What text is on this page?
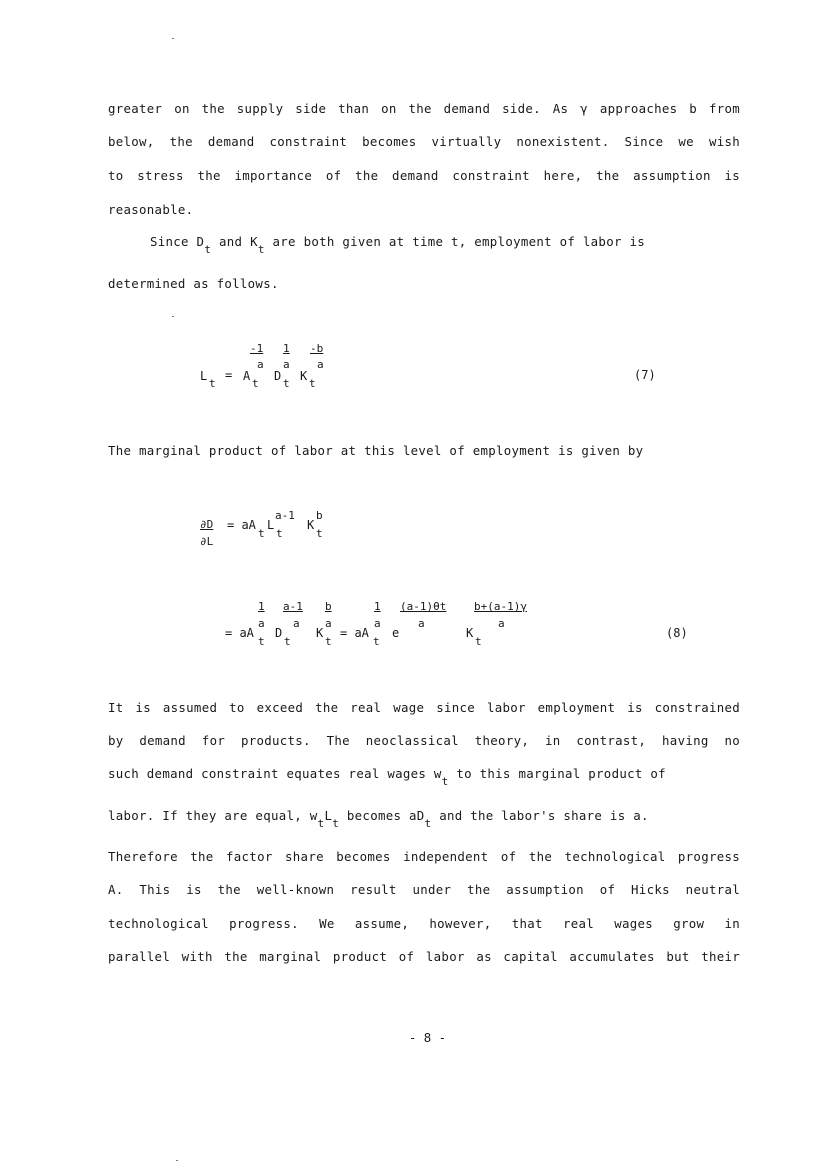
greater on the supply side than on the demand side. As γ approaches b from
below, the demand constraint becomes virtually nonexistent. Since we wish
to stress the importance of the demand constraint here, the assumption is
reasonable.
Since $D_t$ and $K_t$ are both given at time t, employment of labor is
determined as follows.
-1
a
1
a
-b
a
L
t
= A
t
D
t
K
t
(7)
The marginal product of labor at this level of employment is given by
∂D
∂L
= aA
t
L
a-1
t
K
b
t
1
a
a-1
a
b
a
1
a
(a-1)θt
a
b+(a-1)γ
a
= aA
t
D
t
K
t
= aA
t
e	K
t
(8)
It is assumed to exceed the real wage since labor employment is constrained
by demand for products. The neoclassical theory, in contrast, having no
such demand constraint equates real wages $w_t$ to this marginal product of
labor. If they are equal, $w_tL_t$ becomes $aD_t$ and the labor's share is a.
Therefore the factor share becomes independent of the technological progress
A. This is the well-known result under the assumption of Hicks neutral
technological progress. We assume, however, that real wages grow in
parallel with the marginal product of labor as capital accumulates but their
- 8 -
